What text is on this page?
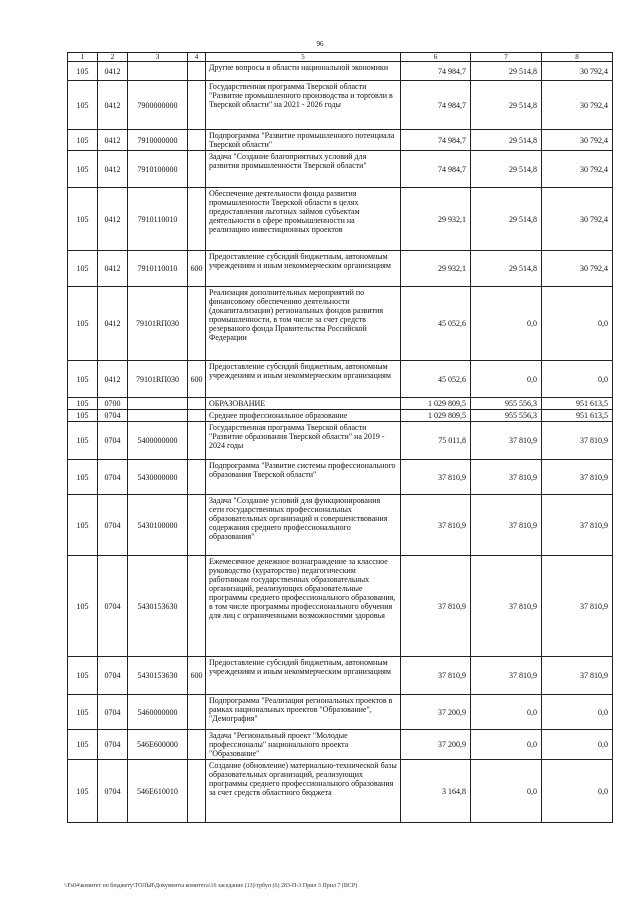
96
1	2	3	4	5	6	7	8
105	0412			Другие вопросы в области национальной экономики	74 984,7	29 514,8	30 792,4
105	0412	7900000000		Государственная программа Тверской области "Развитие промышленного производства и торговли в Тверской области" на 2021 - 2026 годы	74 984,7	29 514,8	30 792,4
105	0412	7910000000		Подпрограмма "Развитие промышленного потенциала Тверской области"	74 984,7	29 514,8	30 792,4
105	0412	7910100000		Задача "Создание благоприятных условий для развития промышленности Тверской области"	74 984,7	29 514,8	30 792,4
105	0412	7910110010		Обеспечение деятельности фонда развития промышленности Тверской области в целях предоставления льготных займов субъектам деятельности в сфере промышленности на реализацию инвестиционных проектов	29 932,1	29 514,8	30 792,4
105	0412	7910110010	600	Предоставление субсидий бюджетным, автономным учреждениям и иным некоммерческим организациям	29 932,1	29 514,8	30 792,4
105	0412	79101RП030		Реализация дополнительных мероприятий по финансовому обеспечению деятельности (докапитализации) региональных фондов развития промышленности, в том числе за счет средств резерваного фонда Правительства Российской Федерации	45 052,6	0,0	0,0
105	0412	79101RП030	600	Предоставление субсидий бюджетным, автономным учреждениям и иным некоммерческим организациям	45 052,6	0,0	0,0
105	0700			ОБРАЗОВАНИЕ	1 029 809,5	955 556,3	951 613,5
105	0704			Среднее профессиональное образование	1 029 809,5	955 556,3	951 613,5
105	0704	5400000000		Государственная программа Тверской области "Развитие образования Тверской области" на 2019 - 2024 годы	75 011,8	37 810,9	37 810,9
105	0704	5430000000		Подпрограмма "Развитие системы профессионального образования Тверской области"	37 810,9	37 810,9	37 810,9
105	0704	5430100000		Задача "Создание условий для функционирования сети государственных профессиональных образовательных организаций и совершенствования содержания среднего профессионального образования"	37 810,9	37 810,9	37 810,9
105	0704	5430153630		Ежемесячное денежное вознаграждение за классное руководство (кураторство) педагогическим работникам государственных образовательных организаций, реализующих образовательные программы среднего профессионального образования, в том числе программы профессионального обучения для лиц с ограниченными возможностями здоровья	37 810,9	37 810,9	37 810,9
105	0704	5430153630	600	Предоставление субсидий бюджетным, автономным учреждениям и иным некоммерческим организациям	37 810,9	37 810,9	37 810,9
105	0704	5460000000		Подпрограмма "Реализация региональных проектов в рамках национальных проектов "Образование", "Демография"	37 200,9	0,0	0,0
105	0704	546E600000		Задача "Региональный проект "Молодые профессионалы" национального проекта "Образование"	37 200,9	0,0	0,0
105	0704	546E610010		Создание (обновление) материально-технической базы образовательных организаций, реализующих программы среднего профессионального образования за счет средств областного бюджета	3 164,8	0,0	0,0
\\Fs04\комитет по бюджету\ТОЛЬЯ\Документы комитета\16 заседание (13)\трбуп (6) 283-П-3 Прил 3 Прил 7 (ВСР)
